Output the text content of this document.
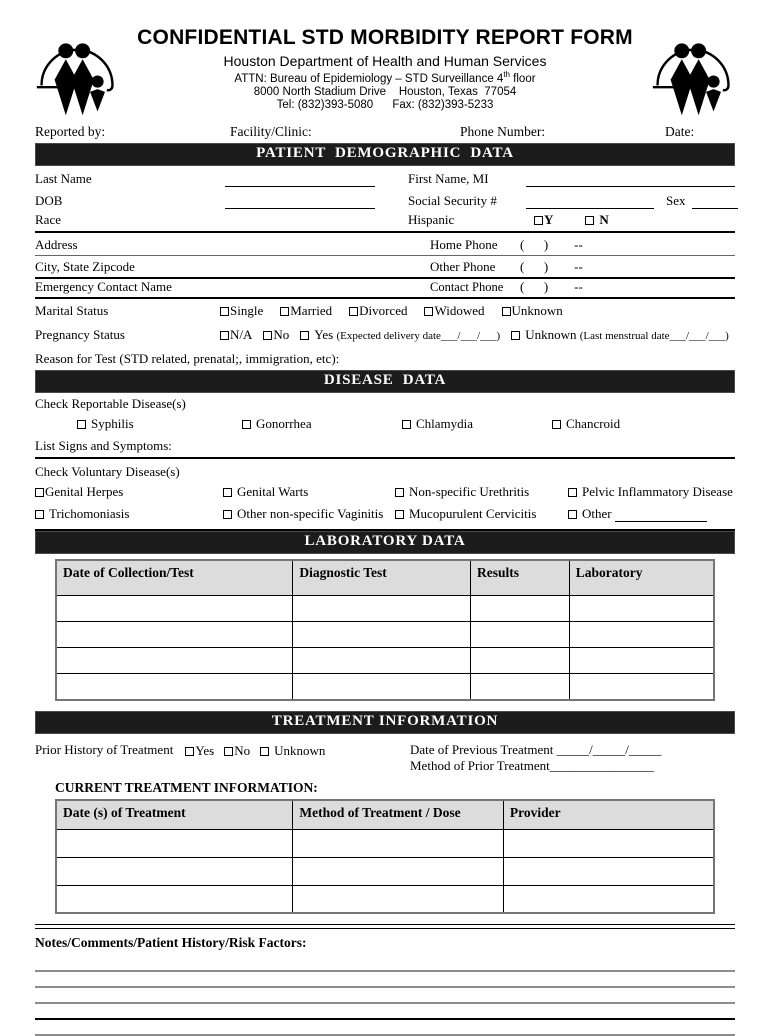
CONFIDENTIAL STD MORBIDITY REPORT FORM
Houston Department of Health and Human Services
ATTN: Bureau of Epidemiology – STD Surveillance 4th floor
8000 North Stadium Drive    Houston, Texas  77054
Tel: (832)393-5080      Fax: (832)393-5233
Reported by:	Facility/Clinic:	Phone Number:	Date:
PATIENT  DEMOGRAPHIC  DATA
Last Name	First Name, MI
DOB	Social Security #	Sex
Race	Hispanic	Y	N
Address	Home Phone	(      )        --
City, State Zipcode	Other Phone	(      )        --
Emergency Contact Name	Contact Phone	(      )        --
Marital Status	Single	Married	Divorced	Widowed	Unknown
Pregnancy Status	N/A	No	Yes (Expected delivery date___/___/___)	Unknown (Last menstrual date___/___/___)
Reason for Test (STD related, prenatal;, immigration, etc):
DISEASE  DATA
Check Reportable Disease(s)
Syphilis	Gonorrhea	Chlamydia	Chancroid
List Signs and Symptoms:
Check Voluntary Disease(s)
Genital Herpes	Genital Warts	Non-specific Urethritis	Pelvic Inflammatory Disease
Trichomoniasis	Other non-specific Vaginitis	Mucopurulent Cervicitis	Other
LABORATORY DATA
Date of Collection/Test	Diagnostic Test	Results	Laboratory

TREATMENT INFORMATION
Prior History of Treatment	Yes	No	Unknown	Date of Previous Treatment _____/_____/_____
Method of Prior Treatment________________
CURRENT TREATMENT INFORMATION:
Date (s) of Treatment	Method of Treatment / Dose	Provider

Notes/Comments/Patient History/Risk Factors:
